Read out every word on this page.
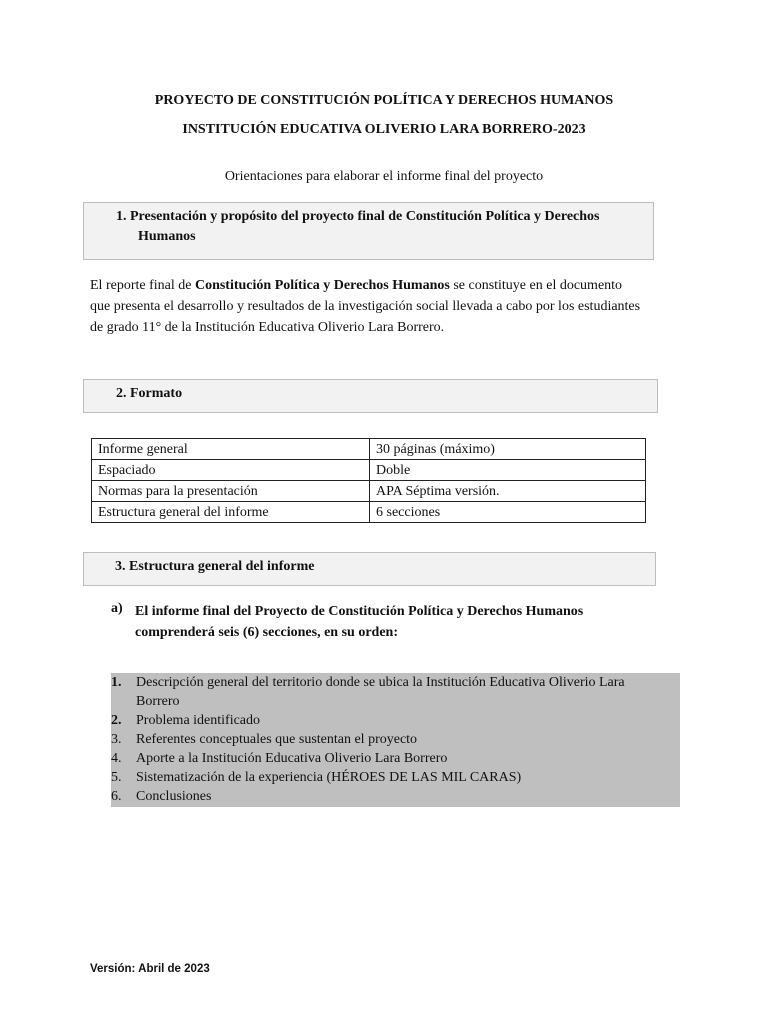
PROYECTO DE CONSTITUCIÓN POLÍTICA Y DERECHOS HUMANOS
INSTITUCIÓN EDUCATIVA OLIVERIO LARA BORRERO-2023
Orientaciones para elaborar el informe final del proyecto
1. Presentación y propósito del proyecto final de Constitución Política y Derechos
Humanos
El reporte final de Constitución Política y Derechos Humanos se constituye en el documento
que presenta el desarrollo y resultados de la investigación social llevada a cabo por los estudiantes
de grado 11° de la Institución Educativa Oliverio Lara Borrero.
2. Formato
Informe general	30 páginas (máximo)
Espaciado	Doble
Normas para la presentación	APA Séptima versión.
Estructura general del informe	6 secciones
3. Estructura general del informe
a) El informe final del Proyecto de Constitución Política y Derechos Humanos
comprenderá seis (6) secciones, en su orden:
1.	Descripción general del territorio donde se ubica la Institución Educativa Oliverio Lara
Borrero
2.	Problema identificado
3.	Referentes conceptuales que sustentan el proyecto
4.	Aporte a la Institución Educativa Oliverio Lara Borrero
5.	Sistematización de la experiencia (HÉROES DE LAS MIL CARAS)
6.	Conclusiones
Versión: Abril de 2023
